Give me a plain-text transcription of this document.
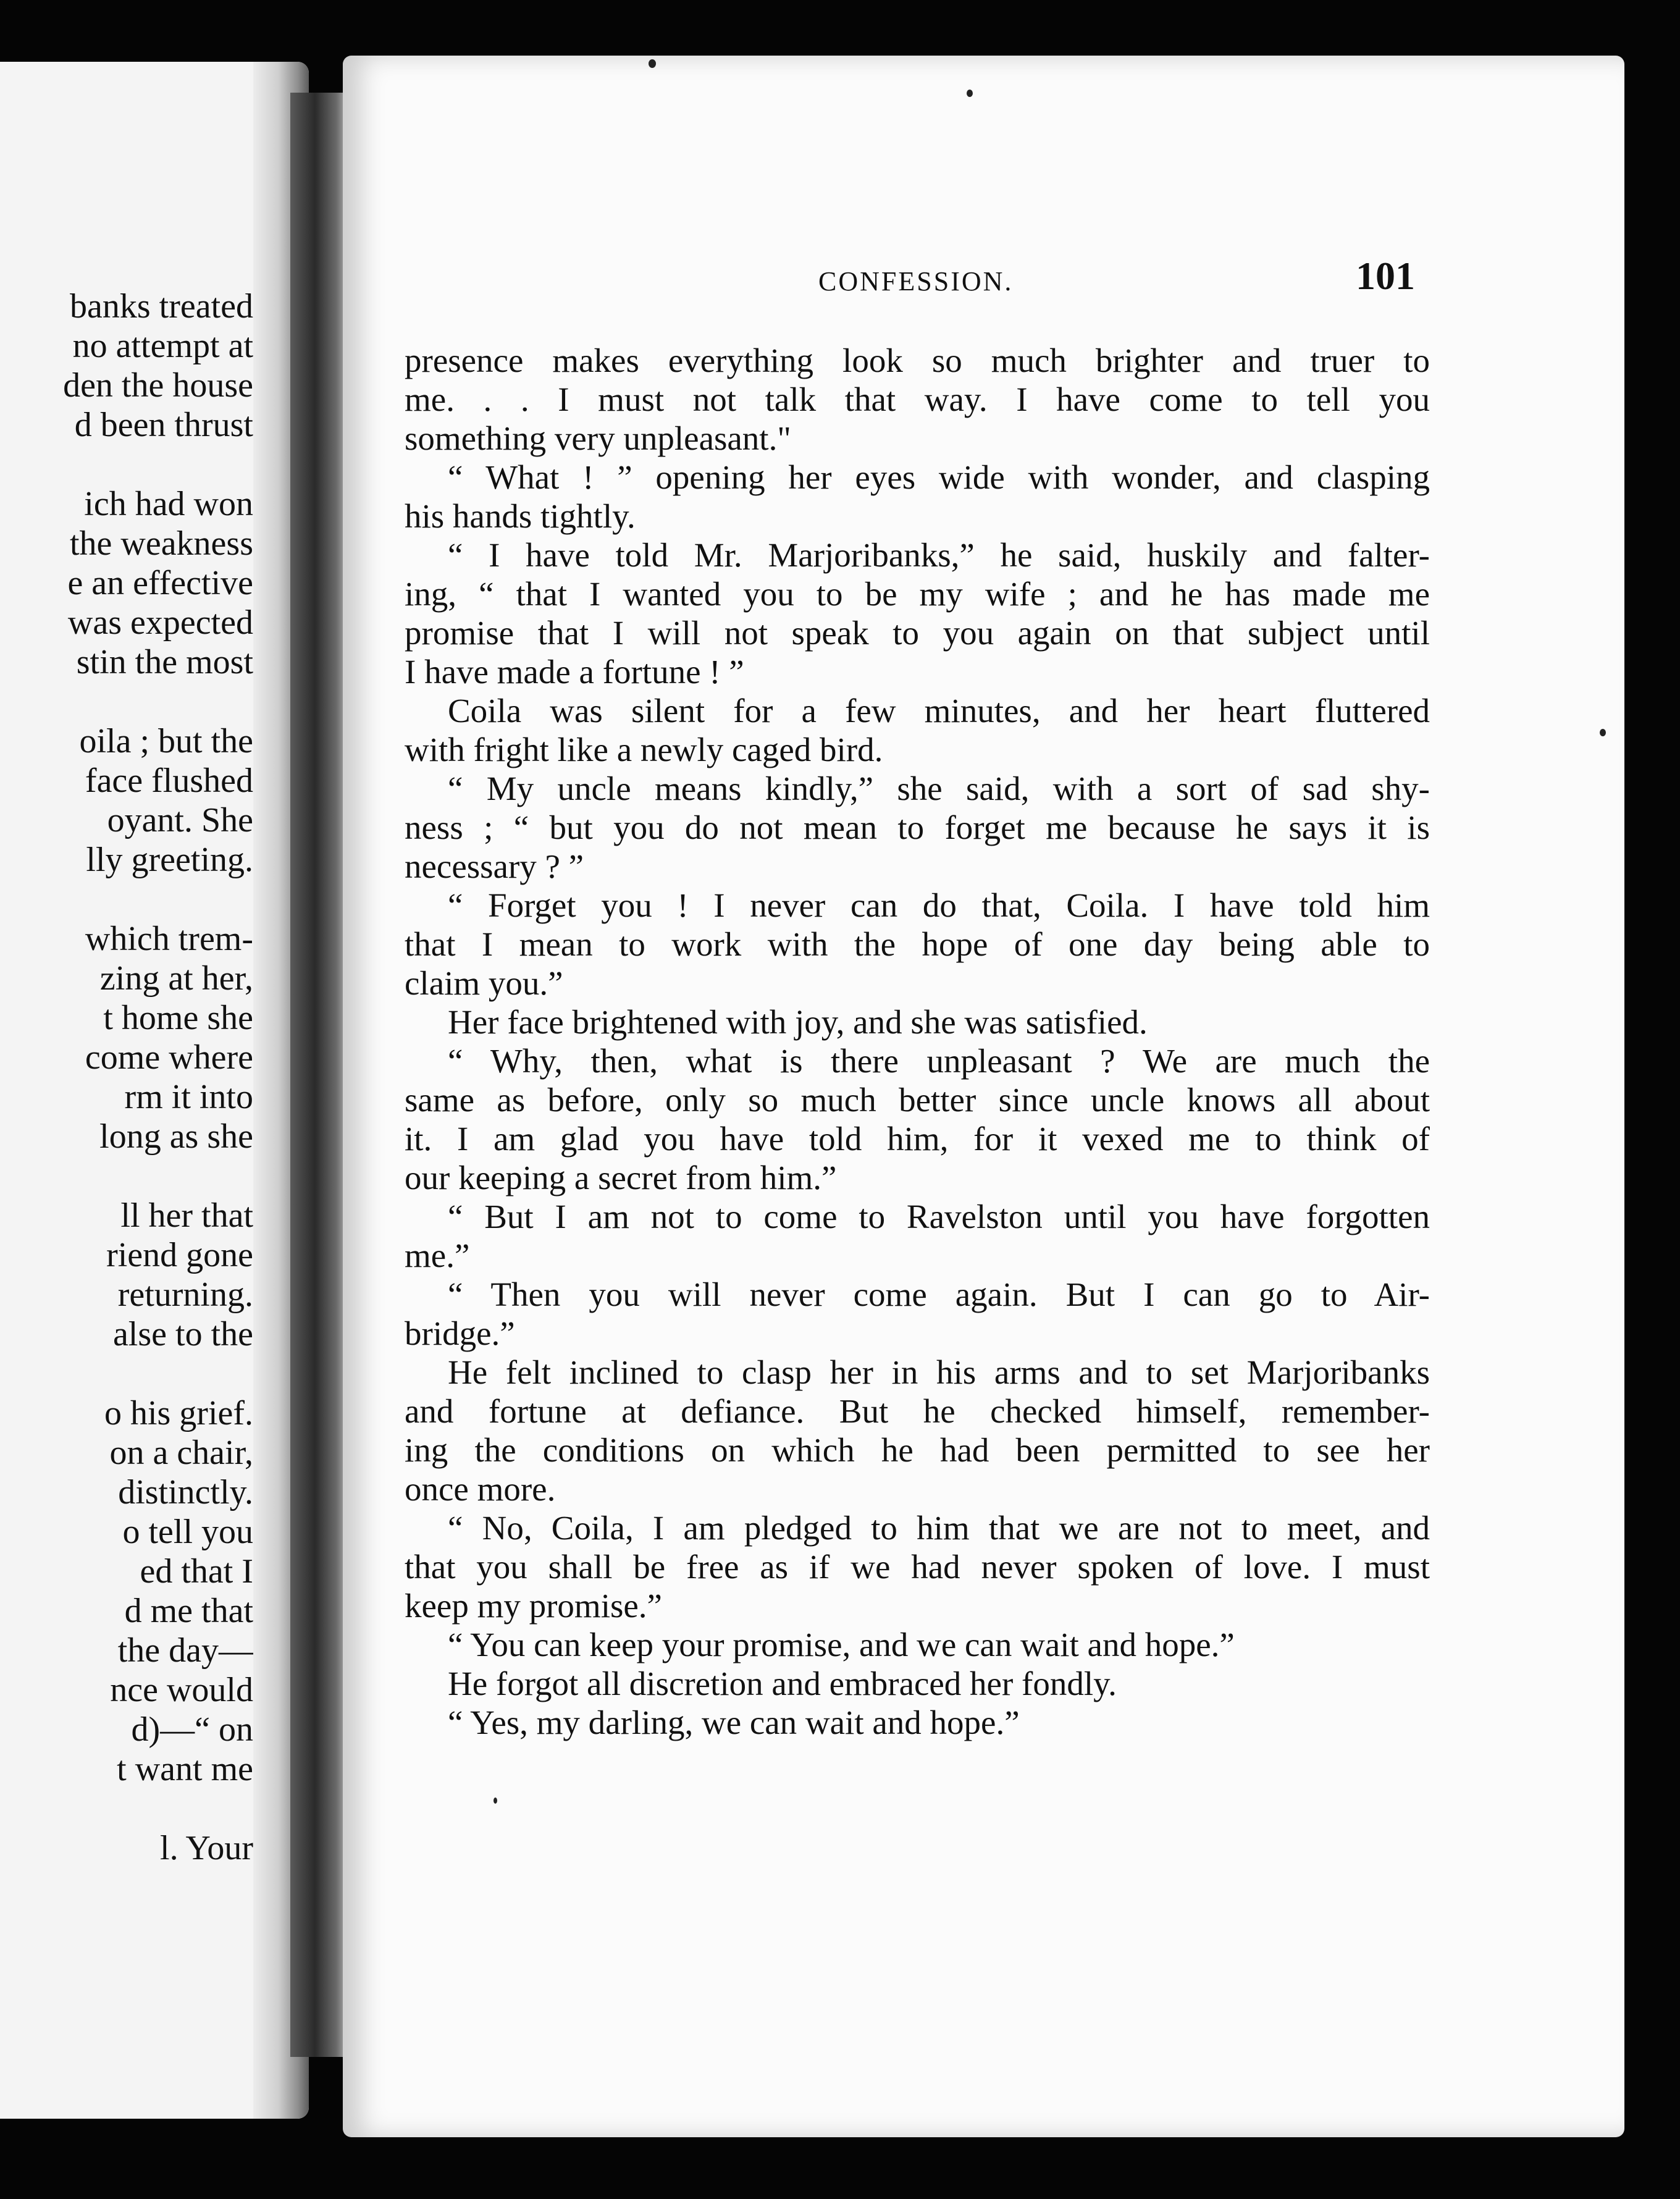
banks treated
no attempt at
den the house
d been thrust
ich had won
the weakness
e an effective
was expected
stin the most
oila ; but the
face flushed
oyant. She
lly greeting.
which trem-
zing at her,
t home she
come where
rm it into
long as she
ll her that
riend gone
returning.
alse to the
o his grief.
on a chair,
distinctly.
o tell you
ed that I
d me that
the day—
nce would
d)—“ on
t want me
l. Your
CONFESSION.	101
presence makes everything look so much brighter and truer to
me. . . I must not talk that way. I have come to tell you
something very unpleasant."
“ What ! ” opening her eyes wide with wonder, and clasping
his hands tightly.
“ I have told Mr. Marjoribanks,” he said, huskily and falter-
ing, “ that I wanted you to be my wife ; and he has made me
promise that I will not speak to you again on that subject until
I have made a fortune ! ”
Coila was silent for a few minutes, and her heart fluttered
with fright like a newly caged bird.
“ My uncle means kindly,” she said, with a sort of sad shy-
ness ; “ but you do not mean to forget me because he says it is
necessary ? ”
“ Forget you ! I never can do that, Coila. I have told him
that I mean to work with the hope of one day being able to
claim you.”
Her face brightened with joy, and she was satisfied.
“ Why, then, what is there unpleasant ? We are much the
same as before, only so much better since uncle knows all about
it. I am glad you have told him, for it vexed me to think of
our keeping a secret from him.”
“ But I am not to come to Ravelston until you have forgotten
me.”
“ Then you will never come again. But I can go to Air-
bridge.”
He felt inclined to clasp her in his arms and to set Marjoribanks
and fortune at defiance. But he checked himself, remember-
ing the conditions on which he had been permitted to see her
once more.
“ No, Coila, I am pledged to him that we are not to meet, and
that you shall be free as if we had never spoken of love. I must
keep my promise.”
“ You can keep your promise, and we can wait and hope.”
He forgot all discretion and embraced her fondly.
“ Yes, my darling, we can wait and hope.”
